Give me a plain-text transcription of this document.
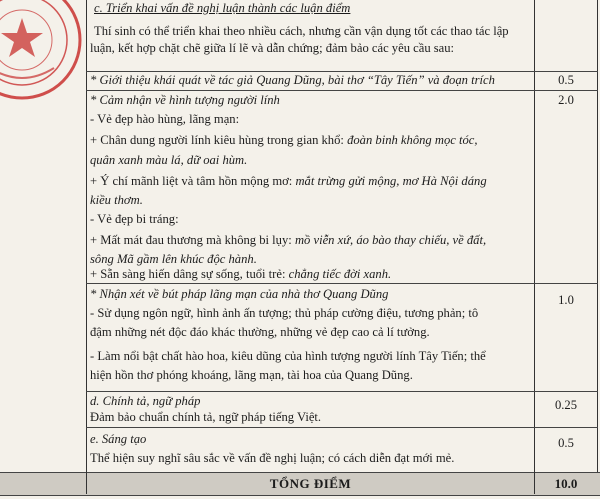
c. Triển khai vấn đề nghị luận thành các luận điểm
Thí sinh có thể triển khai theo nhiều cách, nhưng cần vận dụng tốt các thao tác lập
luận, kết hợp chặt chẽ giữa lí lẽ và dẫn chứng; đảm bảo các yêu cầu sau:
* Giới thiệu khái quát về tác giả Quang Dũng, bài thơ “Tây Tiến” và đoạn trích	0.5
* Cảm nhận về hình tượng người lính	2.0
- Vẻ đẹp hào hùng, lãng mạn:
+ Chân dung người lính kiêu hùng trong gian khổ: đoàn binh không mọc tóc,
quân xanh màu lá, dữ oai hùm.
+ Ý chí mãnh liệt và tâm hồn mộng mơ: mắt trừng gửi mộng, mơ Hà Nội dáng
kiều thơm.
- Vẻ đẹp bi tráng:
+ Mất mát đau thương mà không bi lụy: mồ viễn xứ, áo bào thay chiếu, về đất,
sông Mã gầm lên khúc độc hành.
+ Sẵn sàng hiến dâng sự sống, tuổi trẻ: chẳng tiếc đời xanh.
* Nhận xét về bút pháp lãng mạn của nhà thơ Quang Dũng	1.0
- Sử dụng ngôn ngữ, hình ảnh ấn tượng; thủ pháp cường điệu, tương phản; tô
đậm những nét độc đáo khác thường, những vẻ đẹp cao cả lí tưởng.
- Làm nổi bật chất hào hoa, kiêu dũng của hình tượng người lính Tây Tiến; thể
hiện hồn thơ phóng khoáng, lãng mạn, tài hoa của Quang Dũng.
d. Chính tả, ngữ pháp	0.25
Đảm bảo chuẩn chính tả, ngữ pháp tiếng Việt.
e. Sáng tạo	0.5
Thể hiện suy nghĩ sâu sắc về vấn đề nghị luận; có cách diễn đạt mới mẻ.
TỔNG ĐIỂM	10.0
